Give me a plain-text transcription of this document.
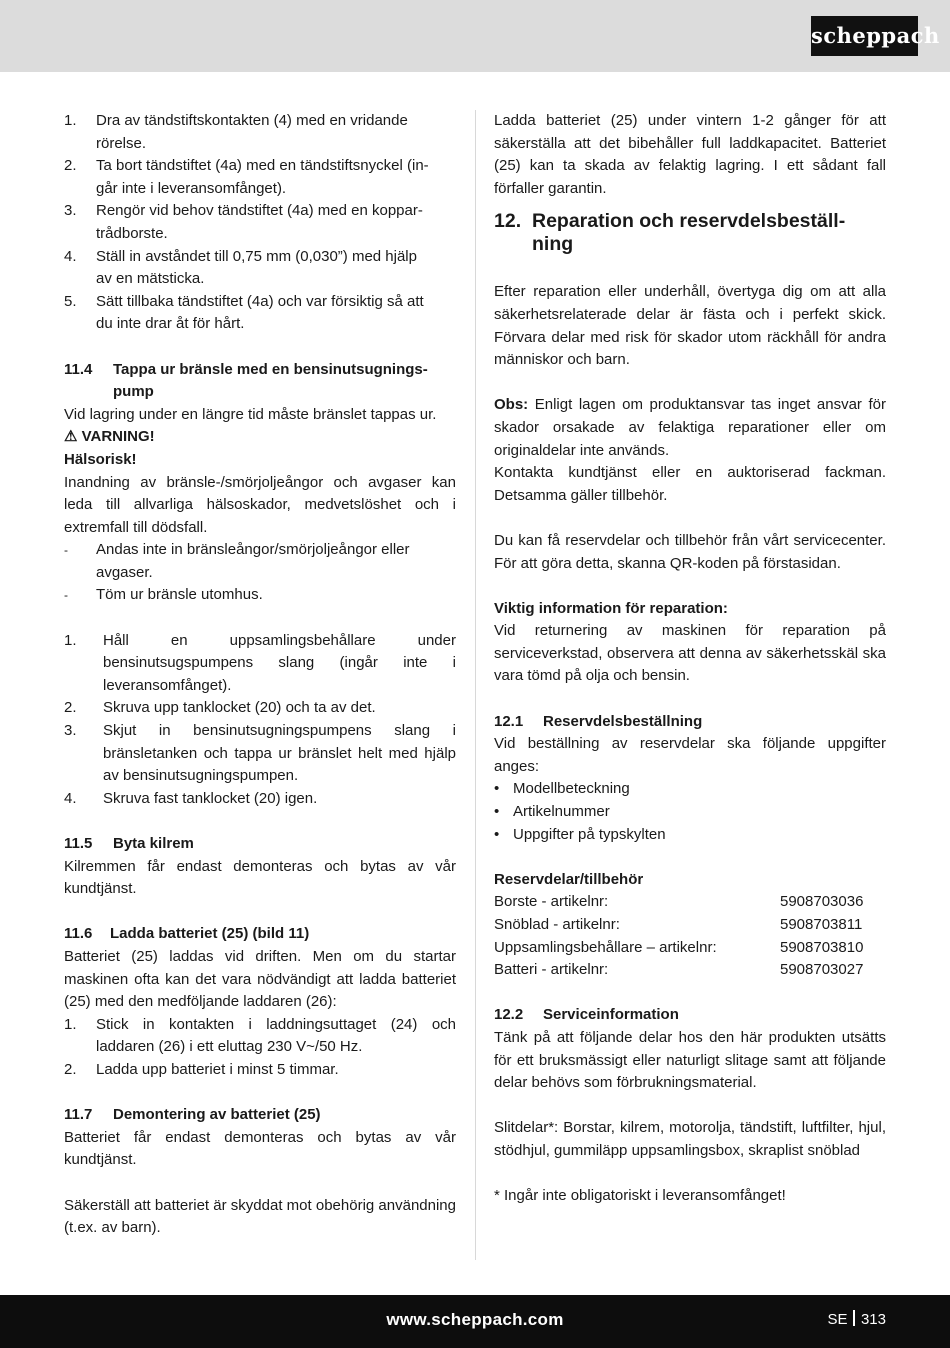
scheppach
1. Dra av tändstiftskontakten (4) med en vridande
rörelse.
2. Ta bort tändstiftet (4a) med en tändstiftsnyckel (in-
går inte i leveransomfånget).
3. Rengör vid behov tändstiftet (4a) med en koppar-
trådborste.
4. Ställ in avståndet till 0,75 mm (0,030”) med hjälp
av en mätsticka.
5. Sätt tillbaka tändstiftet (4a) och var försiktig så att
du inte drar åt för hårt.
11.4 Tappa ur bränsle med en bensinutsugnings-
pump

Vid lagring under en längre tid måste bränslet tappas ur.

⚠ VARNING!
Hälsorisk!

Inandning av bränsle-/smörjoljeångor och avgaser kan leda till allvarliga hälsoskador, medvetslöshet och i extremfall till dödsfall.

- Andas inte in bränsleångor/smörjoljeångor eller
avgaser.
- Töm ur bränsle utomhus.
1. Håll en uppsamlingsbehållare under bensinutsugspumpens slang (ingår inte i leveransomfånget).
2. Skruva upp tanklocket (20) och ta av det.
3. Skjut in bensinutsugningspumpens slang i bränsletanken och tappa ur bränslet helt med hjälp av bensinutsugningspumpen.
4. Skruva fast tanklocket (20) igen.
11.5 Byta kilrem

Kilremmen får endast demonteras och bytas av vår kundtjänst.

11.6 Ladda batteriet (25) (bild 11)

Batteriet (25) laddas vid driften. Men om du startar maskinen ofta kan det vara nödvändigt att ladda batteriet (25) med den medföljande laddaren (26):

1. Stick in kontakten i laddningsuttaget (24) och laddaren (26) i ett eluttag 230 V~/50 Hz.
2. Ladda upp batteriet i minst 5 timmar.
11.7 Demontering av batteriet (25)

Batteriet får endast demonteras och bytas av vår kundtjänst.

Säkerställ att batteriet är skyddat mot obehörig användning (t.ex. av barn).

Ladda batteriet (25) under vintern 1-2 gånger för att säkerställa att det bibehåller full laddkapacitet. Batteriet (25) kan ta skada av felaktig lagring. I ett sådant fall förfaller garantin.

12. Reparation och reservdelsbeställ-
ning

Efter reparation eller underhåll, övertyga dig om att alla säkerhetsrelaterade delar är fästa och i perfekt skick. Förvara delar med risk för skador utom räckhåll för andra människor och barn.

Obs: Enligt lagen om produktansvar tas inget ansvar för skador orsakade av felaktiga reparationer eller om originaldelar inte används.

Kontakta kundtjänst eller en auktoriserad fackman. Detsamma gäller tillbehör.

Du kan få reservdelar och tillbehör från vårt servicecenter. För att göra detta, skanna QR-koden på förstasidan.

Viktig information för reparation:

Vid returnering av maskinen för reparation på serviceverkstad, observera att denna av säkerhetsskäl ska vara tömd på olja och bensin.

12.1 Reservdelsbeställning

Vid beställning av reservdelar ska följande uppgifter anges:

• Modellbeteckning
• Artikelnummer
• Uppgifter på typskylten
Reservdelar/tillbehör
Borste - artikelnr:	5908703036
Snöblad - artikelnr:	5908703811
Uppsamlingsbehållare – artikelnr:	5908703810
Batteri - artikelnr:	5908703027
12.2 Serviceinformation

Tänk på att följande delar hos den här produkten utsätts för ett bruksmässigt eller naturligt slitage samt att följande delar behövs som förbrukningsmaterial.

Slitdelar*: Borstar, kilrem, motorolja, tändstift, luftfilter, hjul, stödhjul, gummiläpp uppsamlingsbox, skraplist snöblad

* Ingår inte obligatoriskt i leveransomfånget!

www.scheppach.com	SE 313
